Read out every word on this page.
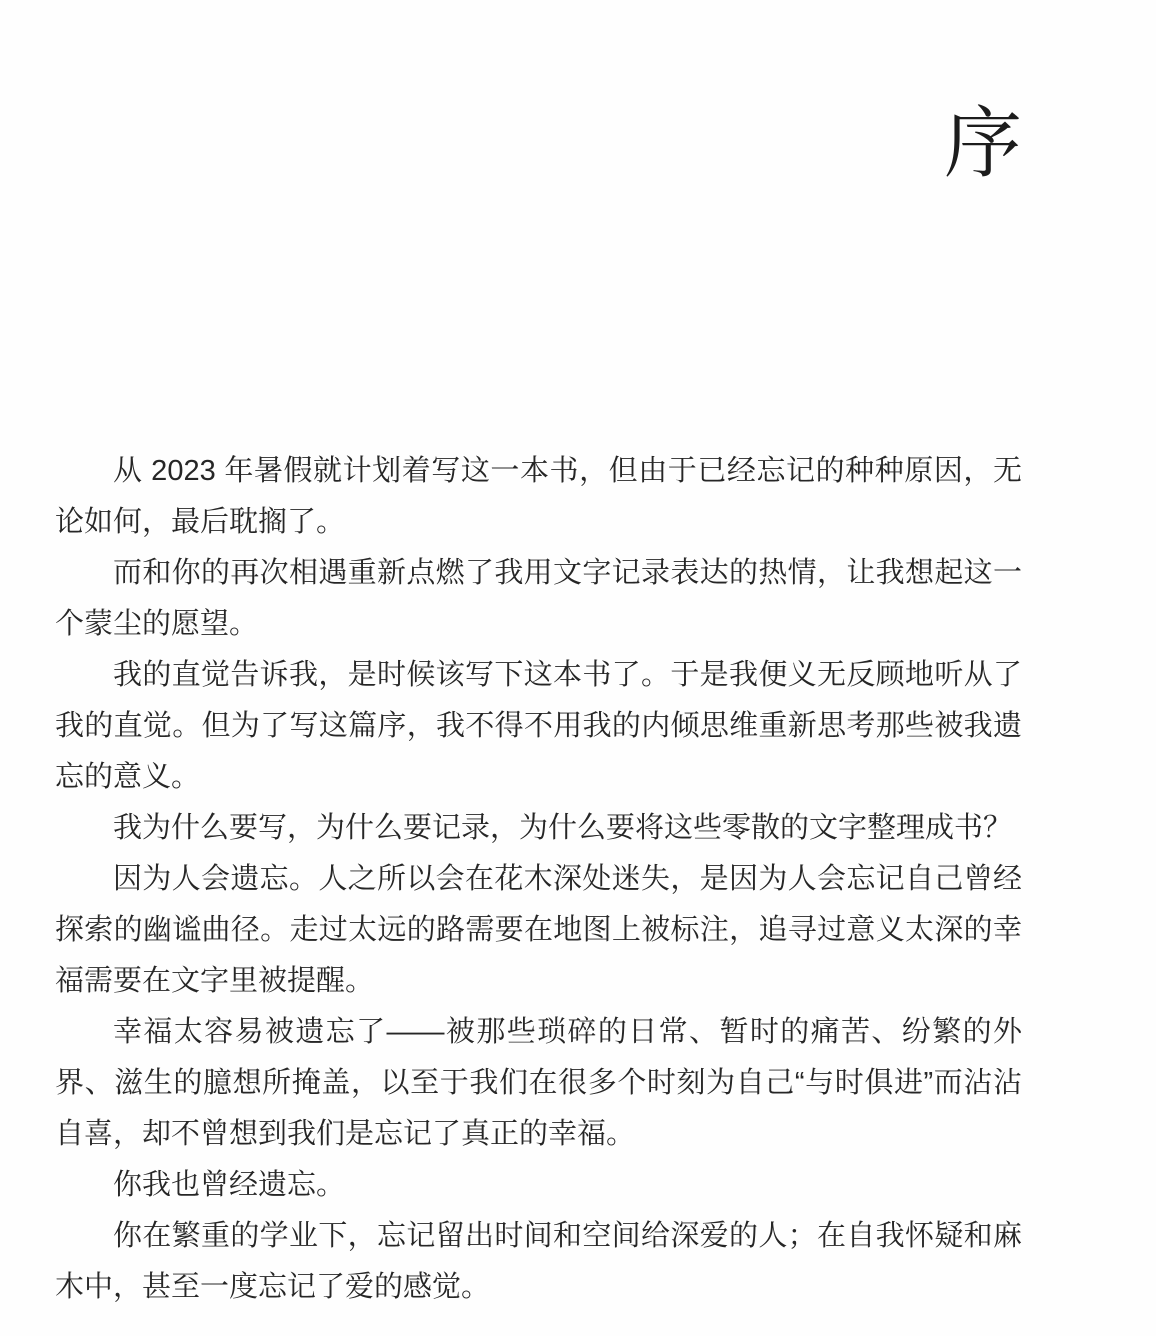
序

从 2023 年暑假就计划着写这一本书，但由于已经忘记的种种原因，无论如何，最后耽搁了。

而和你的再次相遇重新点燃了我用文字记录表达的热情，让我想起这一个蒙尘的愿望。

我的直觉告诉我，是时候该写下这本书了。于是我便义无反顾地听从了我的直觉。但为了写这篇序，我不得不用我的内倾思维重新思考那些被我遗忘的意义。

我为什么要写，为什么要记录，为什么要将这些零散的文字整理成书？

因为人会遗忘。人之所以会在花木深处迷失，是因为人会忘记自己曾经探索的幽谧曲径。走过太远的路需要在地图上被标注，追寻过意义太深的幸福需要在文字里被提醒。

幸福太容易被遗忘了——被那些琐碎的日常、暂时的痛苦、纷繁的外界、滋生的臆想所掩盖，以至于我们在很多个时刻为自己“与时俱进”而沾沾自喜，却不曾想到我们是忘记了真正的幸福。

你我也曾经遗忘。

你在繁重的学业下，忘记留出时间和空间给深爱的人；在自我怀疑和麻木中，甚至一度忘记了爱的感觉。
